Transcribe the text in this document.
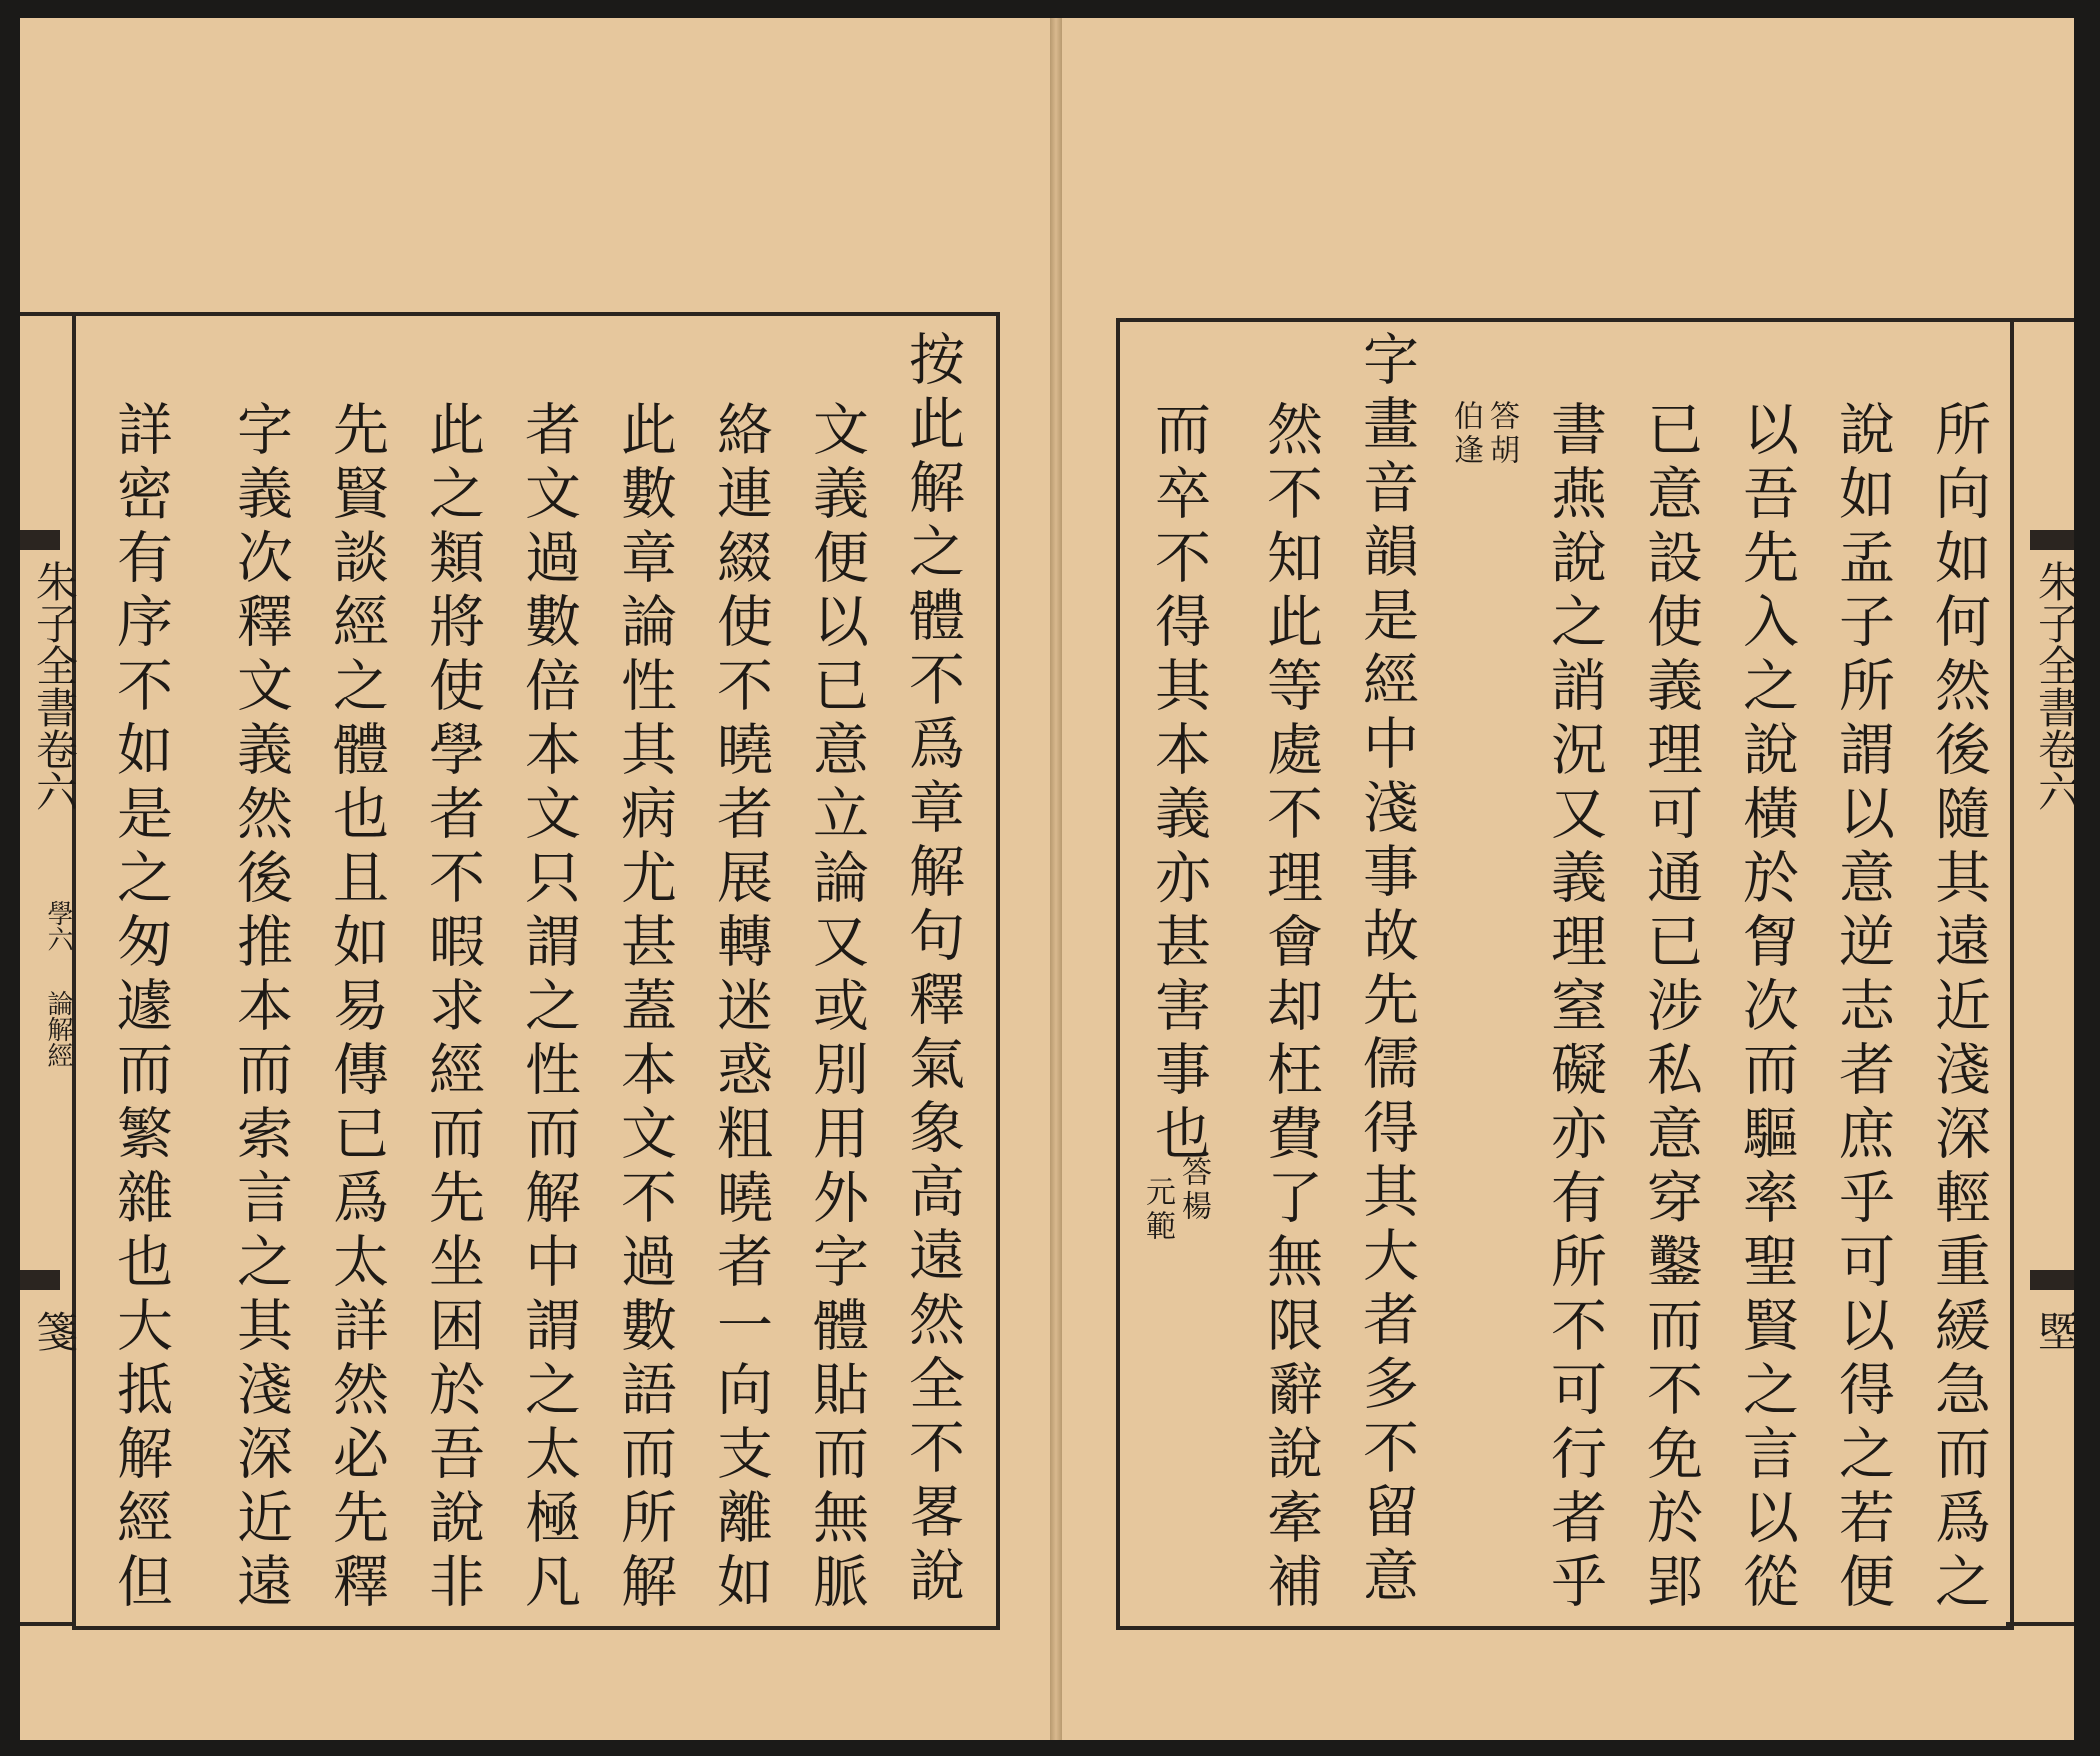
朱子全書卷六
學六
論解經
箋	按此解之體不爲章解句釋氣象高遠然全不畧說
文義便以已意立論又或別用外字體貼而無脈
絡連綴使不曉者展轉迷惑粗曉者一向支離如
此數章論性其病尤甚蓋本文不過數語而所解
者文過數倍本文只謂之性而解中謂之太極凡
此之類將使學者不暇求經而先坐困於吾說非
先賢談經之體也且如易傳已爲太詳然必先釋
字義次釋文義然後推本而索言之其淺深近遠
詳密有序不如是之匆遽而繁雜也大抵解經但	朱子全書卷六
塈
所向如何然後隨其遠近淺深輕重緩急而爲之
說如孟子所謂以意逆志者庶乎可以得之若便
以吾先入之說橫於胷次而驅率聖賢之言以從
已意設使義理可通已涉私意穿鑿而不免於郢
書燕說之誚況又義理窒礙亦有所不可行者乎
答胡
伯逢
字畫音韻是經中淺事故先儒得其大者多不留意
然不知此等處不理會却枉費了無限辭說牽補
而卒不得其本義亦甚害事也
答楊
元範
